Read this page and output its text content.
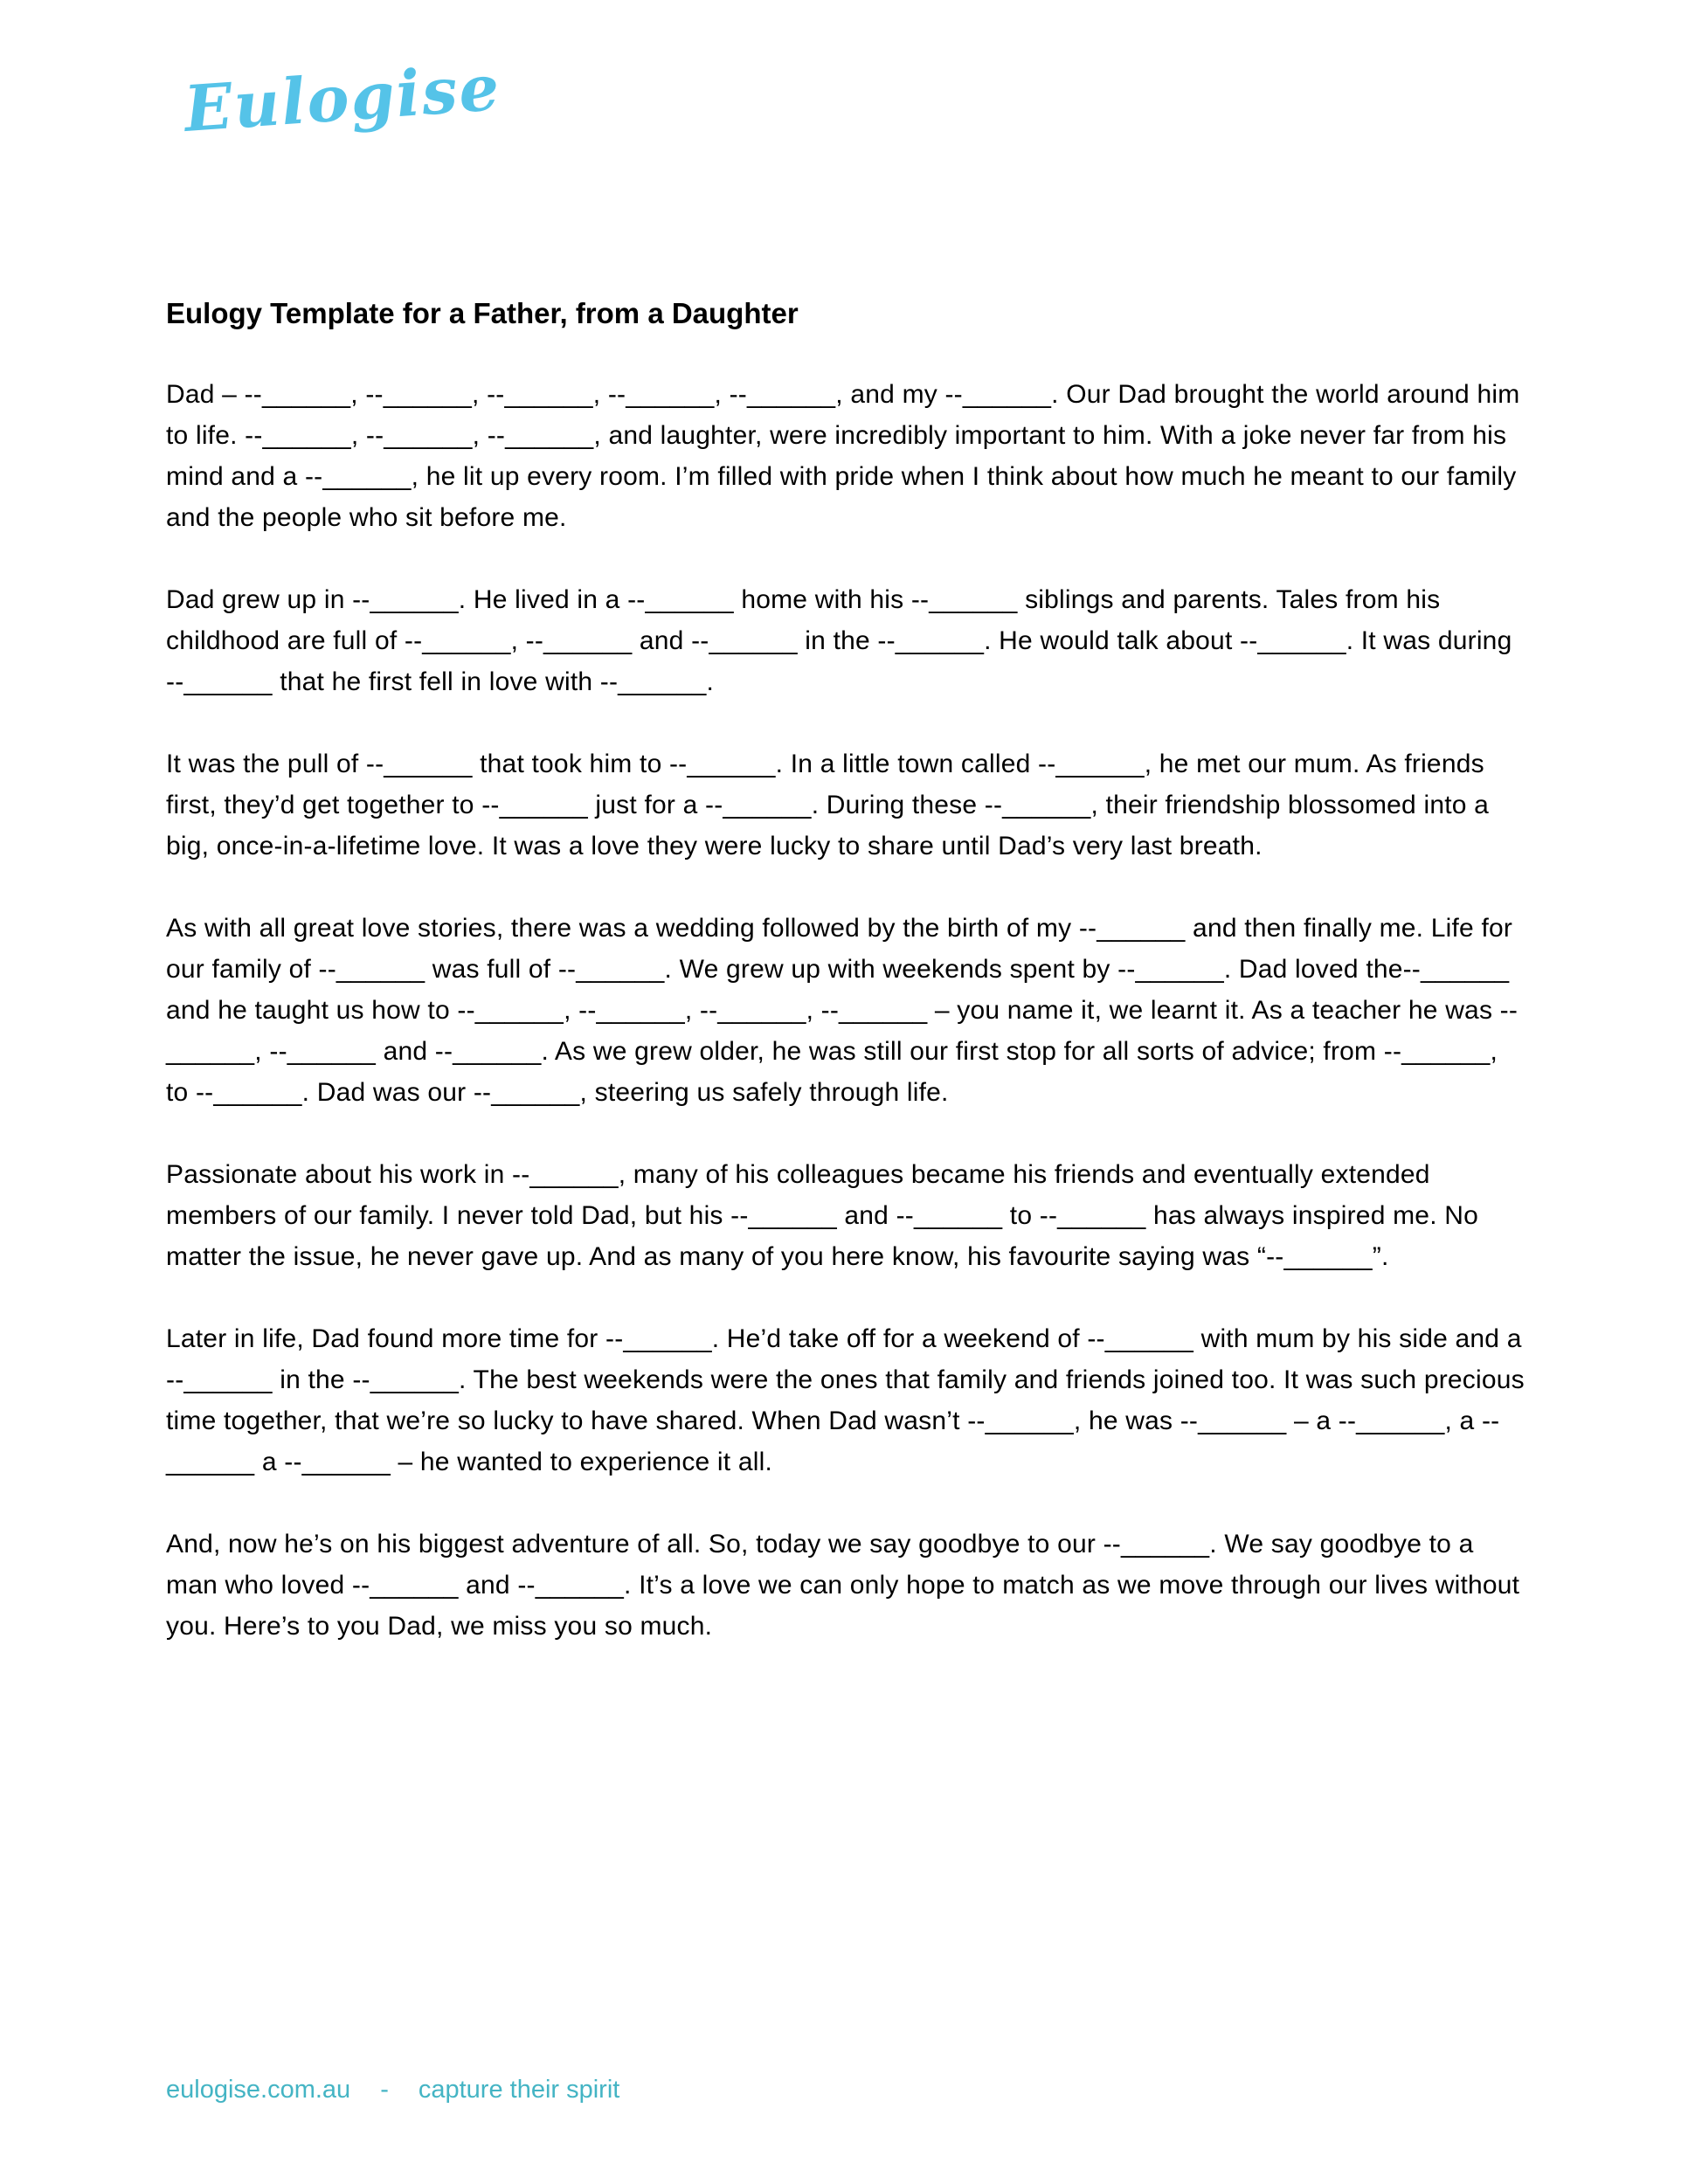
Eulogise
Eulogy Template for a Father, from a Daughter

Dad – --______, --______, --______, --______, --______, and my --______. Our Dad brought the world around him to life. --______, --______, --______, and laughter, were incredibly important to him. With a joke never far from his mind and a --______, he lit up every room. I’m filled with pride when I think about how much he meant to our family and the people who sit before me.

Dad grew up in --______. He lived in a --______ home with his --______ siblings and parents. Tales from his childhood are full of --______, --______ and --______ in the --______. He would talk about --______. It was during --______ that he first fell in love with --______.

It was the pull of --______ that took him to --______. In a little town called --______, he met our mum. As friends first, they’d get together to --______ just for a --______. During these --______, their friendship blossomed into a big, once-in-a-lifetime love. It was a love they were lucky to share until Dad’s very last breath.

As with all great love stories, there was a wedding followed by the birth of my --______ and then finally me. Life for our family of --______ was full of --______. We grew up with weekends spent by --______. Dad loved the--______ and he taught us how to --______, --______, --______, --______ – you name it, we learnt it. As a teacher he was --______, --______ and --______. As we grew older, he was still our first stop for all sorts of advice; from --______, to --______. Dad was our --______, steering us safely through life.

Passionate about his work in --______, many of his colleagues became his friends and eventually extended members of our family. I never told Dad, but his --______ and --______ to --______ has always inspired me. No matter the issue, he never gave up. And as many of you here know, his favourite saying was “--______”.

Later in life, Dad found more time for --______. He’d take off for a weekend of --______ with mum by his side and a --______ in the --______. The best weekends were the ones that family and friends joined too. It was such precious time together, that we’re so lucky to have shared. When Dad wasn’t --______, he was --______ – a --______, a --______ a --______ – he wanted to experience it all.

And, now he’s on his biggest adventure of all. So, today we say goodbye to our --______. We say goodbye to a man who loved --______ and --______. It’s a love we can only hope to match as we move through our lives without you. Here’s to you Dad, we miss you so much.

eulogise.com.au - capture their spirit
